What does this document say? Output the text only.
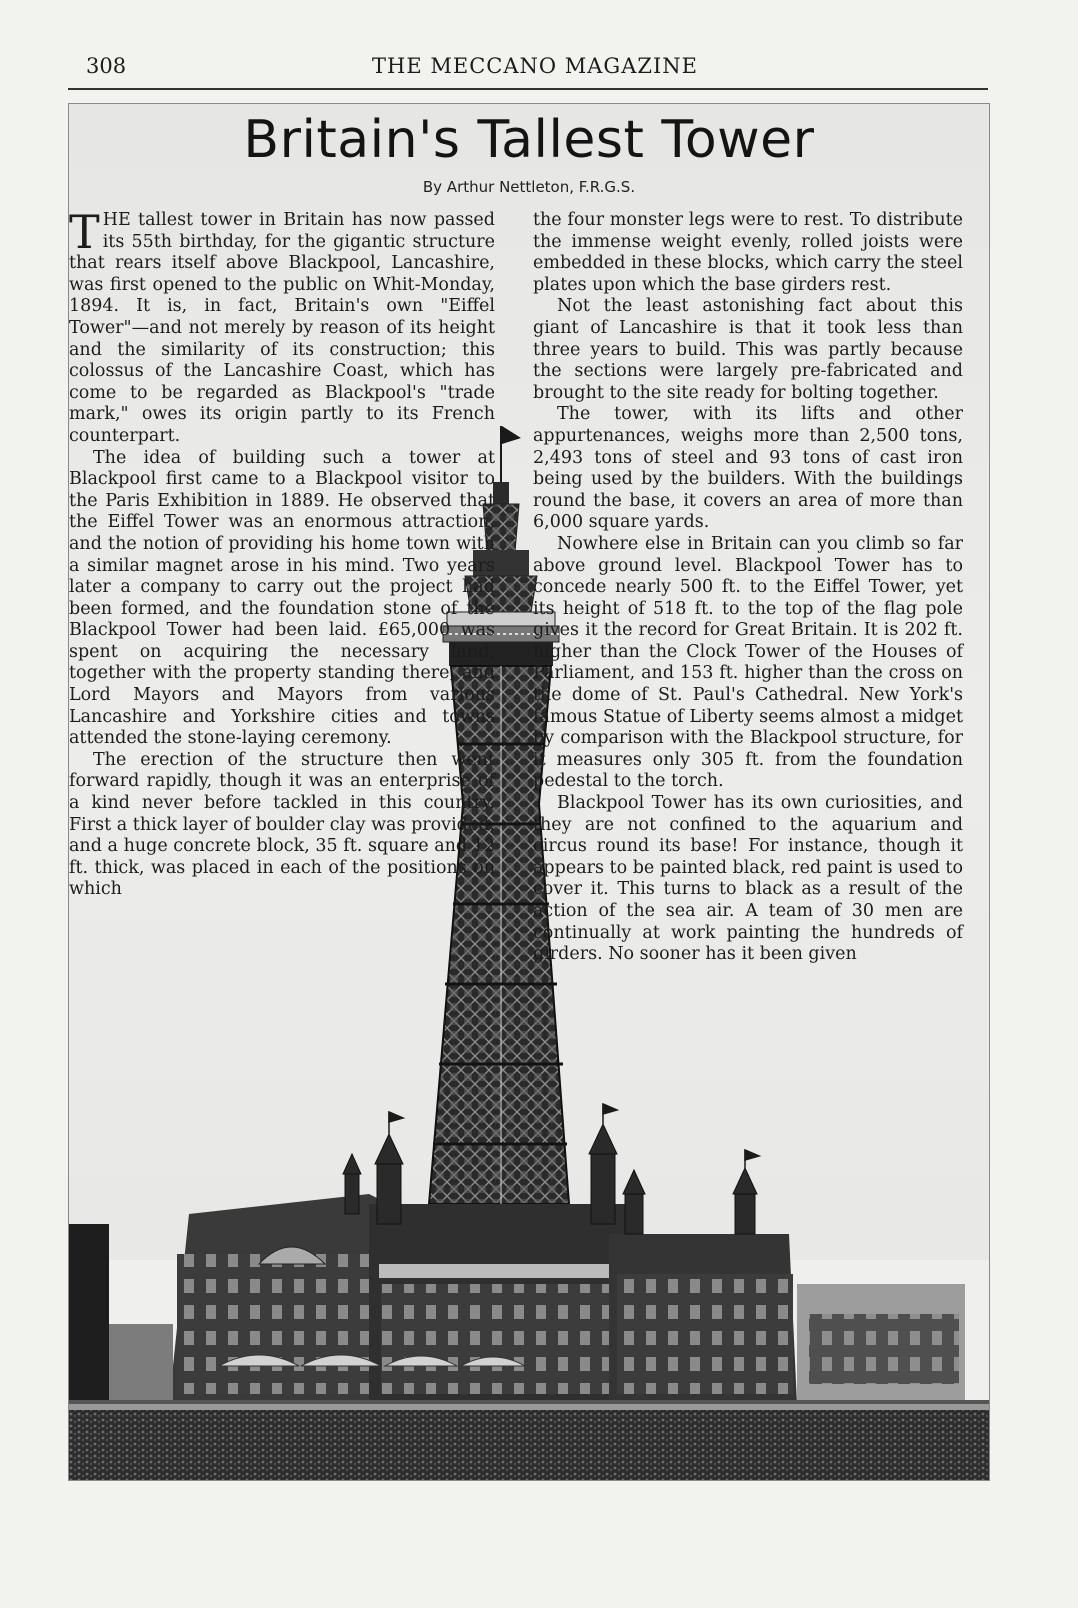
308	THE MECCANO MAGAZINE
Britain's Tallest Tower
By Arthur Nettleton, F.R.G.S.

THE tallest tower in Britain has now passed its 55th birthday, for the gigantic structure that rears itself above Blackpool, Lancashire, was first opened to the public on Whit-Monday, 1894. It is, in fact, Britain's own "Eiffel Tower"—and not merely by reason of its height and the similarity of its construction; this colossus of the Lancashire Coast, which has come to be regarded as Blackpool's "trade mark," owes its origin partly to its French counterpart.

The idea of building such a tower at Blackpool first came to a Blackpool visitor to the Paris Exhibition in 1889. He observed that the Eiffel Tower was an enormous attraction, and the notion of providing his home town with a similar magnet arose in his mind. Two years later a company to carry out the project had been formed, and the foundation stone of the Blackpool Tower had been laid. £65,000 was spent on acquiring the necessary land, together with the property standing there, and Lord Mayors and Mayors from various Lancashire and Yorkshire cities and towns attended the stone-laying ceremony.

The erection of the structure then went forward rapidly, though it was an enterprise of a kind never before tackled in this country. First a thick layer of boulder clay was provided, and a huge concrete block, 35 ft. square and 12 ft. thick, was placed in each of the positions on which

the four monster legs were to rest. To distribute the immense weight evenly, rolled joists were embedded in these blocks, which carry the steel plates upon which the base girders rest.

Not the least astonishing fact about this giant of Lancashire is that it took less than three years to build. This was partly because the sections were largely pre-fabricated and brought to the site ready for bolting together.

The tower, with its lifts and other appurtenances, weighs more than 2,500 tons, 2,493 tons of steel and 93 tons of cast iron being used by the builders. With the buildings round the base, it covers an area of more than 6,000 square yards.

Nowhere else in Britain can you climb so far above ground level. Blackpool Tower has to concede nearly 500 ft. to the Eiffel Tower, yet its height of 518 ft. to the top of the flag pole gives it the record for Great Britain. It is 202 ft. higher than the Clock Tower of the Houses of Parliament, and 153 ft. higher than the cross on the dome of St. Paul's Cathedral. New York's famous Statue of Liberty seems almost a midget by comparison with the Blackpool structure, for it measures only 305 ft. from the foundation pedestal to the torch.

Blackpool Tower has its own curiosities, and they are not confined to the aquarium and circus round its base! For instance, though it appears to be painted black, red paint is used to cover it. This turns to black as a result of the action of the sea air. A team of 30 men are continually at work painting the hundreds of girders. No sooner has it been given
